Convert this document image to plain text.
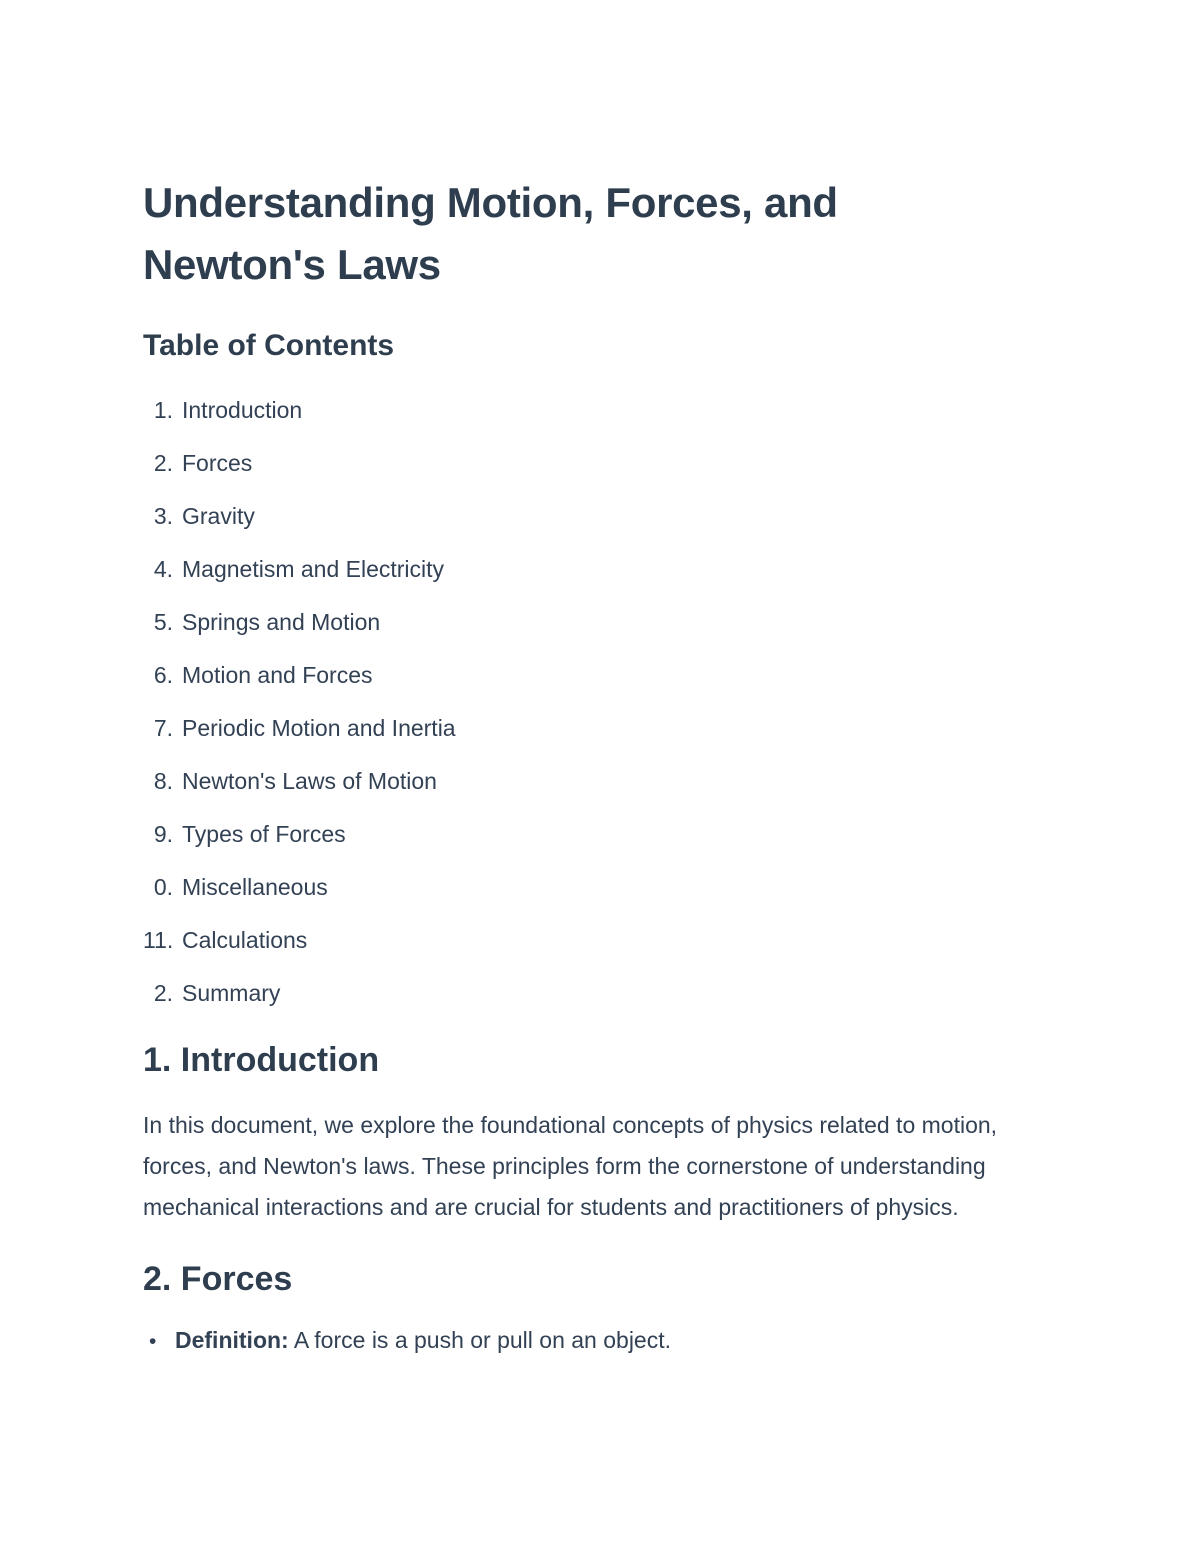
Understanding Motion, Forces, and Newton's Laws
Table of Contents
1. Introduction
2. Forces
3. Gravity
4. Magnetism and Electricity
5. Springs and Motion
6. Motion and Forces
7. Periodic Motion and Inertia
8. Newton's Laws of Motion
9. Types of Forces
0. Miscellaneous
11. Calculations
2. Summary
1. Introduction

In this document, we explore the foundational concepts of physics related to motion, forces, and Newton's laws. These principles form the cornerstone of understanding mechanical interactions and are crucial for students and practitioners of physics.

2. Forces
•
Definition: A force is a push or pull on an object.
